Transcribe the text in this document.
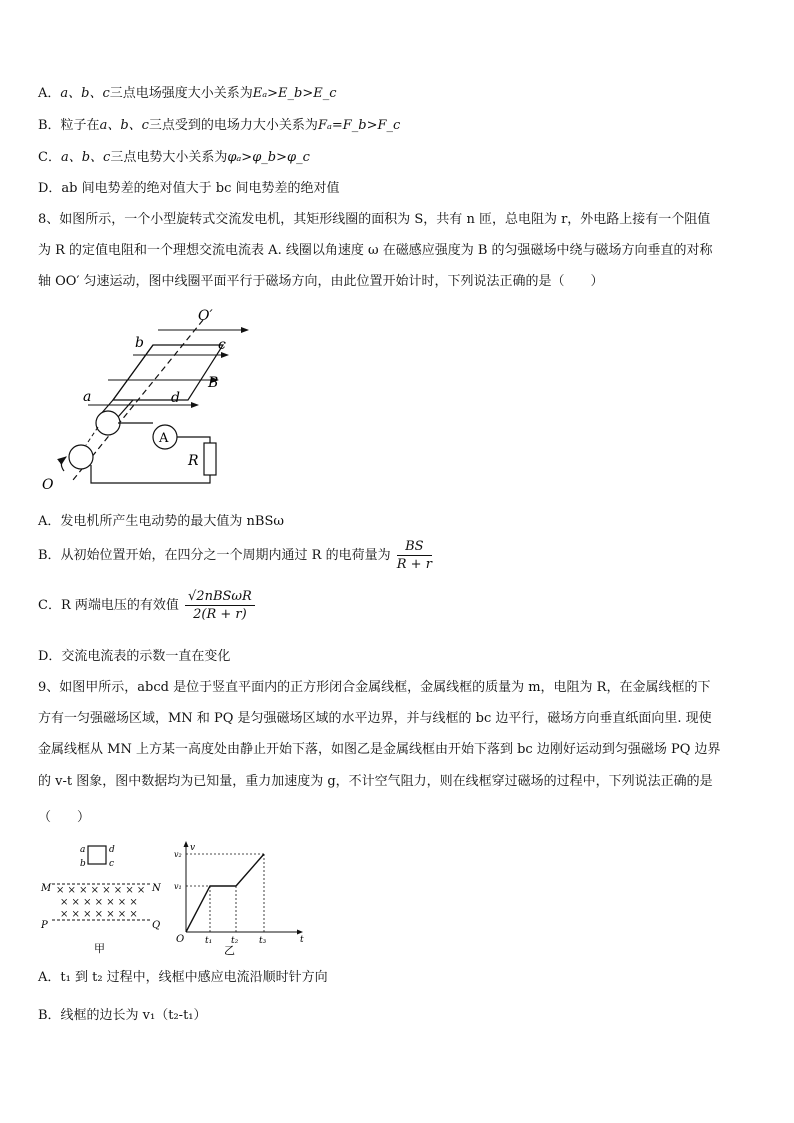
A．a、b、c三点电场强度大小关系为Eₐ>E_b>E_c
B．粒子在a、b、c三点受到的电场力大小关系为Fₐ=F_b>F_c
C．a、b、c三点电势大小关系为φₐ>φ_b>φ_c
D．ab 间电势差的绝对值大于 bc 间电势差的绝对值
8、如图所示，一个小型旋转式交流发电机，其矩形线圈的面积为 S，共有 n 匝，总电阻为 r，外电路上接有一个阻值
为 R 的定值电阻和一个理想交流电流表 A. 线圈以角速度 ω 在磁感应强度为 B 的匀强磁场中绕与磁场方向垂直的对称
轴 OO′ 匀速运动，图中线圈平面平行于磁场方向，由此位置开始计时，下列说法正确的是（　　）
O′
b	c
B
a	d
A
R
O
A．发电机所产生电动势的最大值为 nBSω
B．从初始位置开始，在四分之一个周期内通过 R 的电荷量为 $\frac{BS}{R + r}$
C．R 两端电压的有效值 $\frac{\text{√2nBSωR}}{2(R + r)}$
D．交流电流表的示数一直在变化
9、如图甲所示，abcd 是位于竖直平面内的正方形闭合金属线框，金属线框的质量为 m，电阻为 R，在金属线框的下
方有一匀强磁场区域，MN 和 PQ 是匀强磁场区域的水平边界，并与线框的 bc 边平行，磁场方向垂直纸面向里. 现使
金属线框从 MN 上方某一高度处由静止开始下落，如图乙是金属线框由开始下落到 bc 边刚好运动到匀强磁场 PQ 边界
的 v-t 图象，图中数据均为已知量，重力加速度为 g，不计空气阻力，则在线框穿过磁场的过程中，下列说法正确的是
（　　）
a
b
d
c
M	N
P	Q
× × × × × × × ×
× × × × × × ×
× × × × × × ×
甲
v
v₂
v₁
O t₁ t₂ t₃	t
乙
A．t₁ 到 t₂ 过程中，线框中感应电流沿顺时针方向
B．线框的边长为 v₁（t₂-t₁）
